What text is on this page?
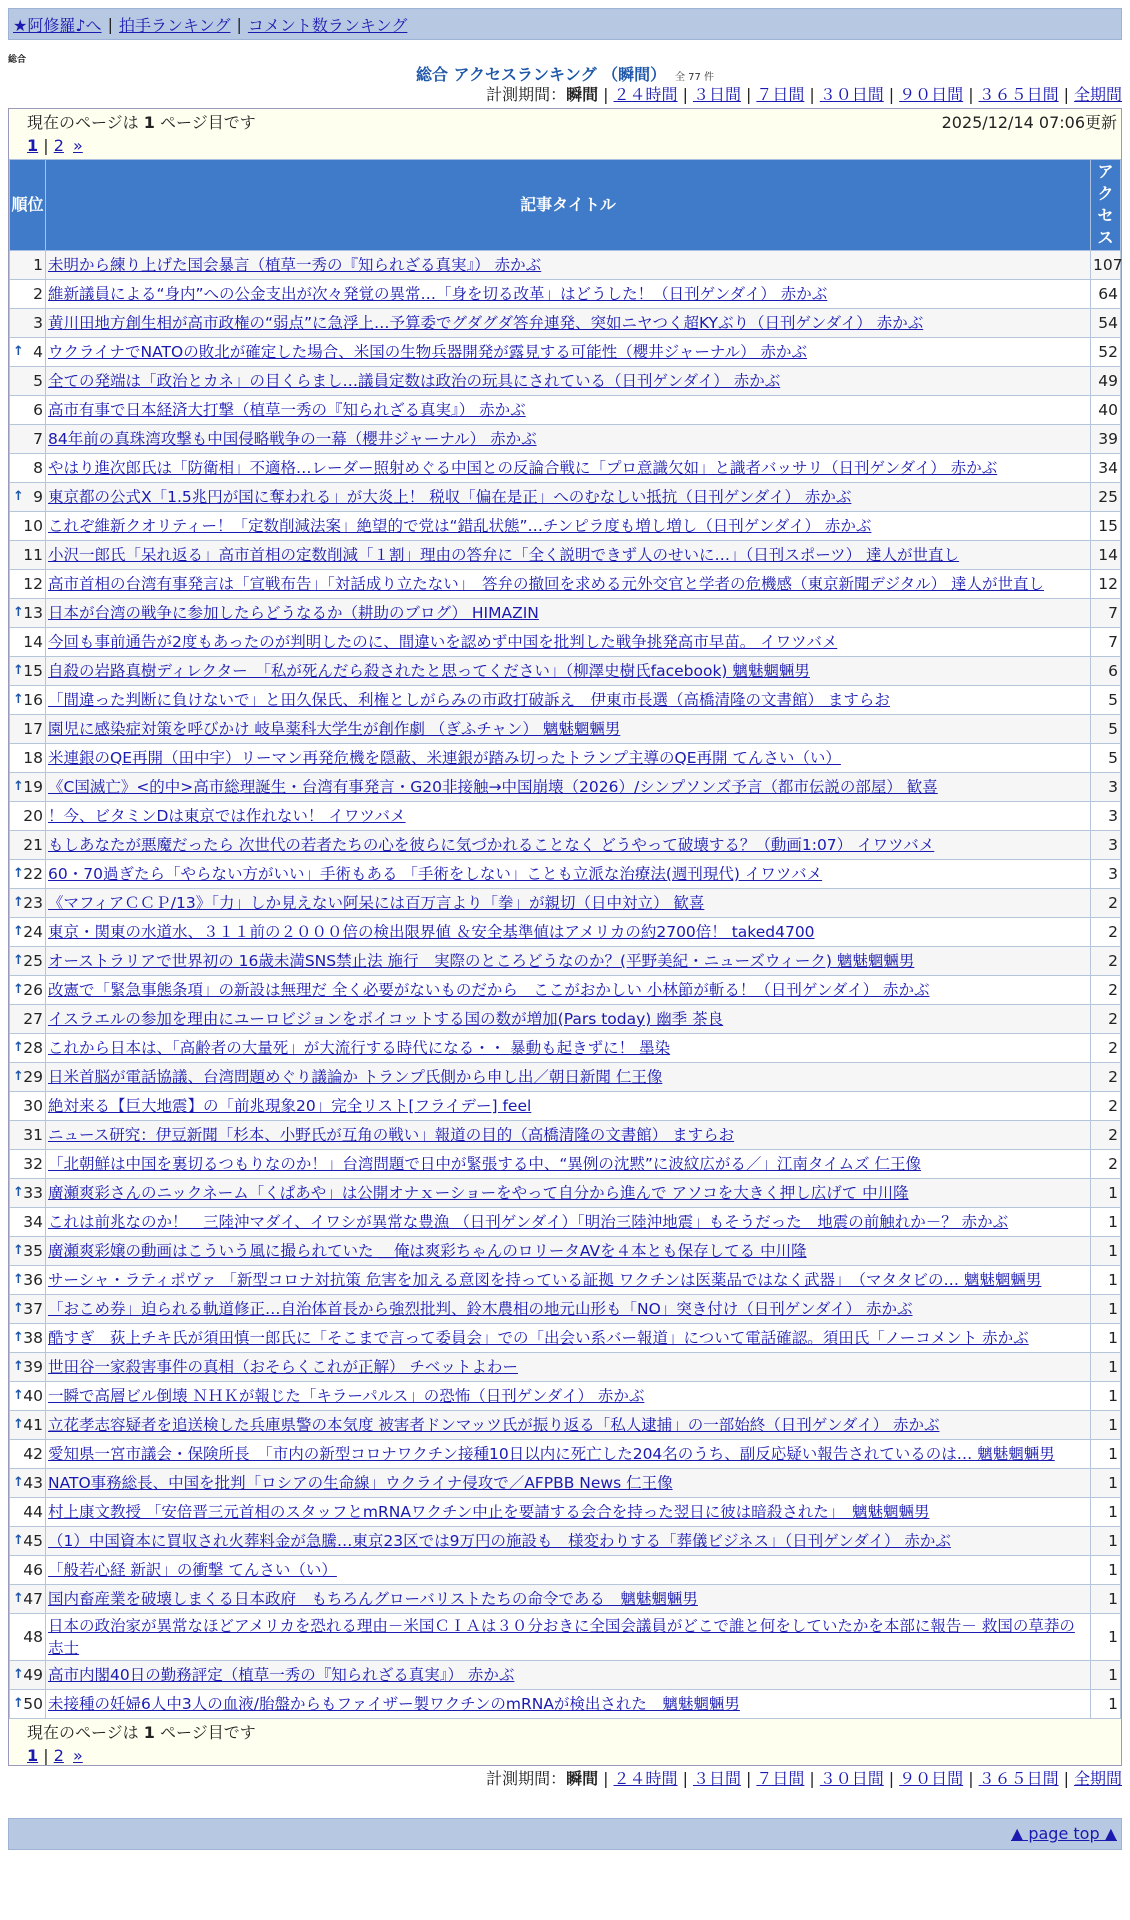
★阿修羅♪へ | 拍手ランキング | コメント数ランキング
総合
総合 アクセスランキング （瞬間） 全 77 件
計測期間：瞬間 | ２４時間 | ３日間 | ７日間 | ３０日間 | ９０日間 | ３６５日間 | 全期間
現在のページは 1 ページ目です	2025/12/14 07:06更新
1 | 2 »
順位	記事タイトル	アクセス
1	未明から練り上げた国会暴言（植草一秀の『知られざる真実』） 赤かぶ	107
2	維新議員による“身内”への公金支出が次々発覚の異常…「身を切る改革」はどうした！（日刊ゲンダイ） 赤かぶ	64
3	黄川田地方創生相が高市政権の“弱点”に急浮上…予算委でグダグダ答弁連発、突如ニヤつく超KYぶり（日刊ゲンダイ） 赤かぶ	54

↑ 4	ウクライナでNATOの敗北が確定した場合、米国の生物兵器開発が露見する可能性（櫻井ジャーナル） 赤かぶ	52
5	全ての発端は「政治とカネ」の目くらまし…議員定数は政治の玩具にされている（日刊ゲンダイ） 赤かぶ	49
6	高市有事で日本経済大打撃（植草一秀の『知られざる真実』） 赤かぶ	40
7	84年前の真珠湾攻撃も中国侵略戦争の一幕（櫻井ジャーナル） 赤かぶ	39
8	やはり進次郎氏は「防衛相」不適格…レーダー照射めぐる中国との反論合戦に「プロ意識欠如」と識者バッサリ（日刊ゲンダイ） 赤かぶ	34

↑ 9	東京都の公式X「1.5兆円が国に奪われる」が大炎上！ 税収「偏在是正」へのむなしい抵抗（日刊ゲンダイ） 赤かぶ	25
10	これぞ維新クオリティー！「定数削減法案」絶望的で党は“錯乱状態”…チンピラ度も増し増し（日刊ゲンダイ） 赤かぶ	15
11	小沢一郎氏「呆れ返る」高市首相の定数削減「１割」理由の答弁に「全く説明できず人のせいに…」（日刊スポーツ） 達人が世直し	14
12	高市首相の台湾有事発言は「宣戦布告」「対話成り立たない」　答弁の撤回を求める元外交官と学者の危機感（東京新聞デジタル） 達人が世直し	12

↑ 13	日本が台湾の戦争に参加したらどうなるか（耕助のブログ） HIMAZIN	7
14	今回も事前通告が2度もあったのが判明したのに、間違いを認めず中国を批判した戦争挑発高市早苗。 イワツバメ	7

↑ 15	自殺の岩路真樹ディレクター　「私が死んだら殺されたと思ってください」（柳澤史樹氏facebook) 魑魅魍魎男	6

↑ 16	「間違った判断に負けないで」と田久保氏、利権としがらみの市政打破訴え　伊東市長選（高橋清隆の文書館） ますらお	5
17	園児に感染症対策を呼びかけ 岐阜薬科大学生が創作劇 （ぎふチャン） 魑魅魍魎男	5
18	米連銀のQE再開（田中宇）リーマン再発危機を隠蔽、米連銀が踏み切ったトランプ主導のQE再開 てんさい（い）	5

↑ 19	《C国滅亡》<的中>高市総理誕生・台湾有事発言・G20非接触→中国崩壊（2026）/シンプソンズ予言（都市伝説の部屋） 歓喜	3
20	！今、ビタミンDは東京では作れない！ イワツバメ	3
21	もしあなたが悪魔だったら 次世代の若者たちの心を彼らに気づかれることなく どうやって破壊する？（動画1:07） イワツバメ	3

↑ 22	60・70過ぎたら「やらない方がいい」手術もある 「手術をしない」ことも立派な治療法(週刊現代) イワツバメ	3

↑ 23	《マフィアＣＣＰ/13》「力」しか見えない阿呆には百万言より「拳」が親切（日中対立） 歓喜	2

↑ 24	東京・関東の水道水、３１１前の２０００倍の検出限界値 ＆安全基準値はアメリカの約2700倍！ taked4700	2

↑ 25	オーストラリアで世界初の 16歳未満SNS禁止法 施行　実際のところどうなのか？(平野美紀・ニューズウィーク) 魑魅魍魎男	2

↑ 26	改憲で「緊急事態条項」の新設は無理だ 全く必要がないものだから　ここがおかしい 小林節が斬る！（日刊ゲンダイ） 赤かぶ	2
27	イスラエルの参加を理由にユーロビジョンをボイコットする国の数が増加(Pars today) 幽季 茶良	2

↑ 28	これから日本は、「高齢者の大量死」が大流行する時代になる・・ 暴動も起きずに！ 墨染	2

↑ 29	日米首脳が電話協議、台湾問題めぐり議論か トランプ氏側から申し出／朝日新聞 仁王像	2
30	絶対来る【巨大地震】の「前兆現象20」完全リスト[フライデー] feel	2
31	ニュース研究：伊豆新聞「杉本、小野氏が互角の戦い」報道の目的（高橋清隆の文書館） ますらお	2
32	「北朝鮮は中国を裏切るつもりなのか！」台湾問題で日中が緊張する中、“異例の沈黙”に波紋広がる／」江南タイムズ 仁王像	2

↑ 33	廣瀬爽彩さんのニックネーム「くぱあや」は公開オナｘーショーをやって自分から進んで アソコを大きく押し広げて 中川隆	1
34	これは前兆なのか！　三陸沖マダイ、イワシが異常な豊漁 （日刊ゲンダイ）「明治三陸沖地震」もそうだった　地震の前触れか－？ 赤かぶ	1

↑ 35	廣瀬爽彩嬢の動画はこういう風に撮られていた ＿俺は爽彩ちゃんのロリータAVを４本とも保存してる 中川隆	1

↑ 36	サーシャ・ラティポヴァ 「新型コロナ対抗策 危害を加える意図を持っている証拠 ワクチンは医薬品ではなく武器」　（マタタビの… 魑魅魍魎男	1

↑ 37	「おこめ券」迫られる軌道修正…自治体首長から強烈批判、鈴木農相の地元山形も「NO」突き付け（日刊ゲンダイ） 赤かぶ	1

↑ 38	酷すぎ　荻上チキ氏が須田慎一郎氏に「そこまで言って委員会」での「出会い系バー報道」について電話確認。須田氏「ノーコメント 赤かぶ	1

↑ 39	世田谷一家殺害事件の真相（おそらくこれが正解） チベットよわー	1

↑ 40	一瞬で高層ビル倒壊 ＮＨＫが報じた「キラーパルス」の恐怖（日刊ゲンダイ） 赤かぶ	1

↑ 41	立花孝志容疑者を追送検した兵庫県警の本気度 被害者ドンマッツ氏が振り返る「私人逮捕」の一部始終（日刊ゲンダイ） 赤かぶ	1
42	愛知県一宮市議会・保険所長　「市内の新型コロナワクチン接種10日以内に死亡した204名のうち、副反応疑い報告されているのは… 魑魅魍魎男	1

↑ 43	NATO事務総長、中国を批判「ロシアの生命線」ウクライナ侵攻で／AFPBB News 仁王像	1
44	村上康文教授 「安倍晋三元首相のスタッフとmRNAワクチン中止を要請する会合を持った翌日に彼は暗殺された」　魑魅魍魎男	1

↑ 45	（1）中国資本に買収され火葬料金が急騰…東京23区では9万円の施設も　様変わりする「葬儀ビジネス」（日刊ゲンダイ） 赤かぶ	1
46	「般若心経 新訳」の衝撃 てんさい（い）	1

↑ 47	国内畜産業を破壊しまくる日本政府　もちろんグローバリストたちの命令である　魑魅魍魎男	1
48	日本の政治家が異常なほどアメリカを恐れる理由－米国ＣＩＡは３０分おきに全国会議員がどこで誰と何をしていたかを本部に報告－ 救国の草莽の志士	1

↑ 49	高市内閣40日の勤務評定（植草一秀の『知られざる真実』） 赤かぶ	1

↑ 50	未接種の妊婦6人中3人の血液/胎盤からもファイザー製ワクチンのmRNAが検出された　魑魅魍魎男	1
現在のページは 1 ページ目です
1 | 2 »
計測期間：瞬間 | ２４時間 | ３日間 | ７日間 | ３０日間 | ９０日間 | ３６５日間 | 全期間
▲ page top ▲
